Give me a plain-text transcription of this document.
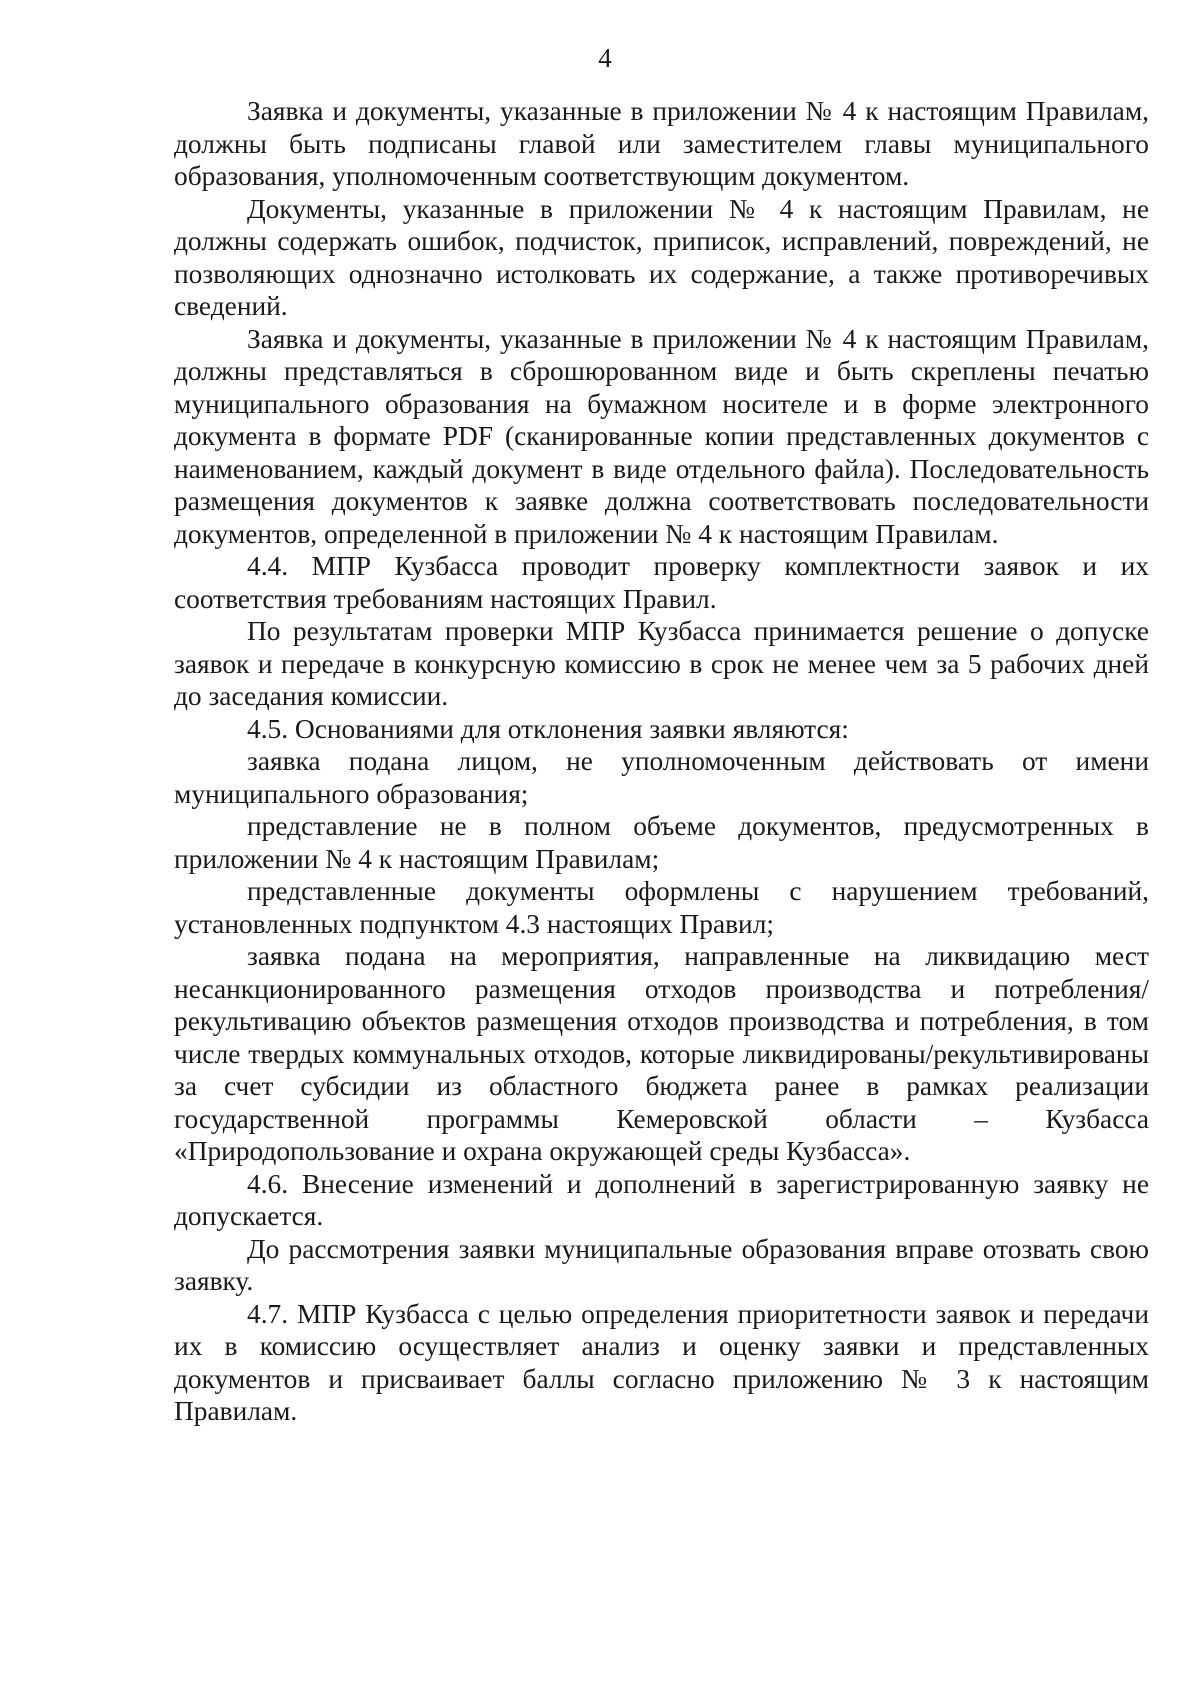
4

Заявка и документы, указанные в приложении № 4 к настоящим Правилам, должны быть подписаны главой или заместителем главы муниципального образования, уполномоченным соответствующим документом.

Документы, указанные в приложении № 4 к настоящим Правилам, не должны содержать ошибок, подчисток, приписок, исправлений, повреждений, не позволяющих однозначно истолковать их содержание, а также противоречивых сведений.

Заявка и документы, указанные в приложении № 4 к настоящим Правилам, должны представляться в сброшюрованном виде и быть скреплены печатью муниципального образования на бумажном носителе и в форме электронного документа в формате PDF (сканированные копии представленных документов с наименованием, каждый документ в виде отдельного файла). Последовательность размещения документов к заявке должна соответствовать последовательности документов, определенной в приложении № 4 к настоящим Правилам.

4.4. МПР Кузбасса проводит проверку комплектности заявок и их соответствия требованиям настоящих Правил.

По результатам проверки МПР Кузбасса принимается решение о допуске заявок и передаче в конкурсную комиссию в срок не менее чем за 5 рабочих дней до заседания комиссии.

4.5. Основаниями для отклонения заявки являются:

заявка подана лицом, не уполномоченным действовать от имени муниципального образования;

представление не в полном объеме документов, предусмотренных в приложении № 4 к настоящим Правилам;

представленные документы оформлены с нарушением требований, установленных подпунктом 4.3 настоящих Правил;

заявка подана на мероприятия, направленные на ликвидацию мест несанкционированного размещения отходов производства и потребления/рекультивацию объектов размещения отходов производства и потребления, в том числе твердых коммунальных отходов, которые ликвидированы/рекультивированы за счет субсидии из областного бюджета ранее в рамках реализации государственной программы Кемеровской области – Кузбасса «Природопользование и охрана окружающей среды Кузбасса».

4.6. Внесение изменений и дополнений в зарегистрированную заявку не допускается.

До рассмотрения заявки муниципальные образования вправе отозвать свою заявку.

4.7. МПР Кузбасса с целью определения приоритетности заявок и передачи их в комиссию осуществляет анализ и оценку заявки и представленных документов и присваивает баллы согласно приложению № 3 к настоящим Правилам.
